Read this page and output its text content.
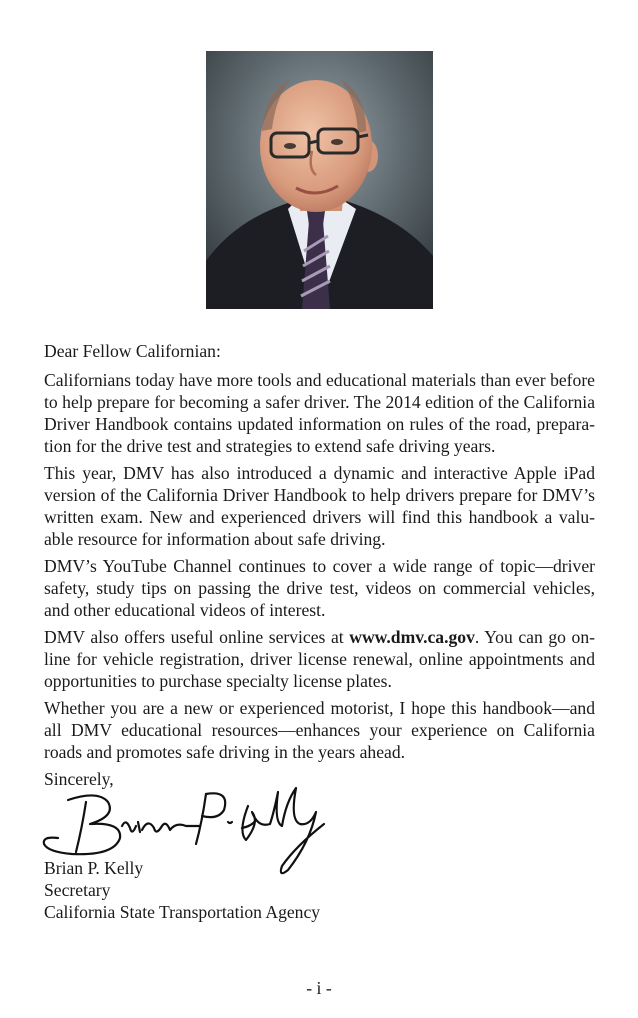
Dear Fellow Californian:

Californians today have more tools and educational materials than ever before to help prepare for becoming a safer driver. The 2014 edition of the California Driver Handbook contains updated information on rules of the road, prepara-tion for the drive test and strategies to extend safe driving years.

This year, DMV has also introduced a dynamic and interactive Apple iPad version of the California Driver Handbook to help drivers prepare for DMV’s written exam. New and experienced drivers will find this handbook a valu-able resource for information about safe driving.

DMV’s YouTube Channel continues to cover a wide range of topic—driver safety, study tips on passing the drive test, videos on commercial vehicles, and other educational videos of interest.

DMV also offers useful online services at www.dmv.ca.gov. You can go on-line for vehicle registration, driver license renewal, online appointments and opportunities to purchase specialty license plates.

Whether you are a new or experienced motorist, I hope this handbook—and all DMV educational resources—enhances your experience on California roads and promotes safe driving in the years ahead.

Sincerely,

Brian P. Kelly
Secretary
California State Transportation Agency
- i -
